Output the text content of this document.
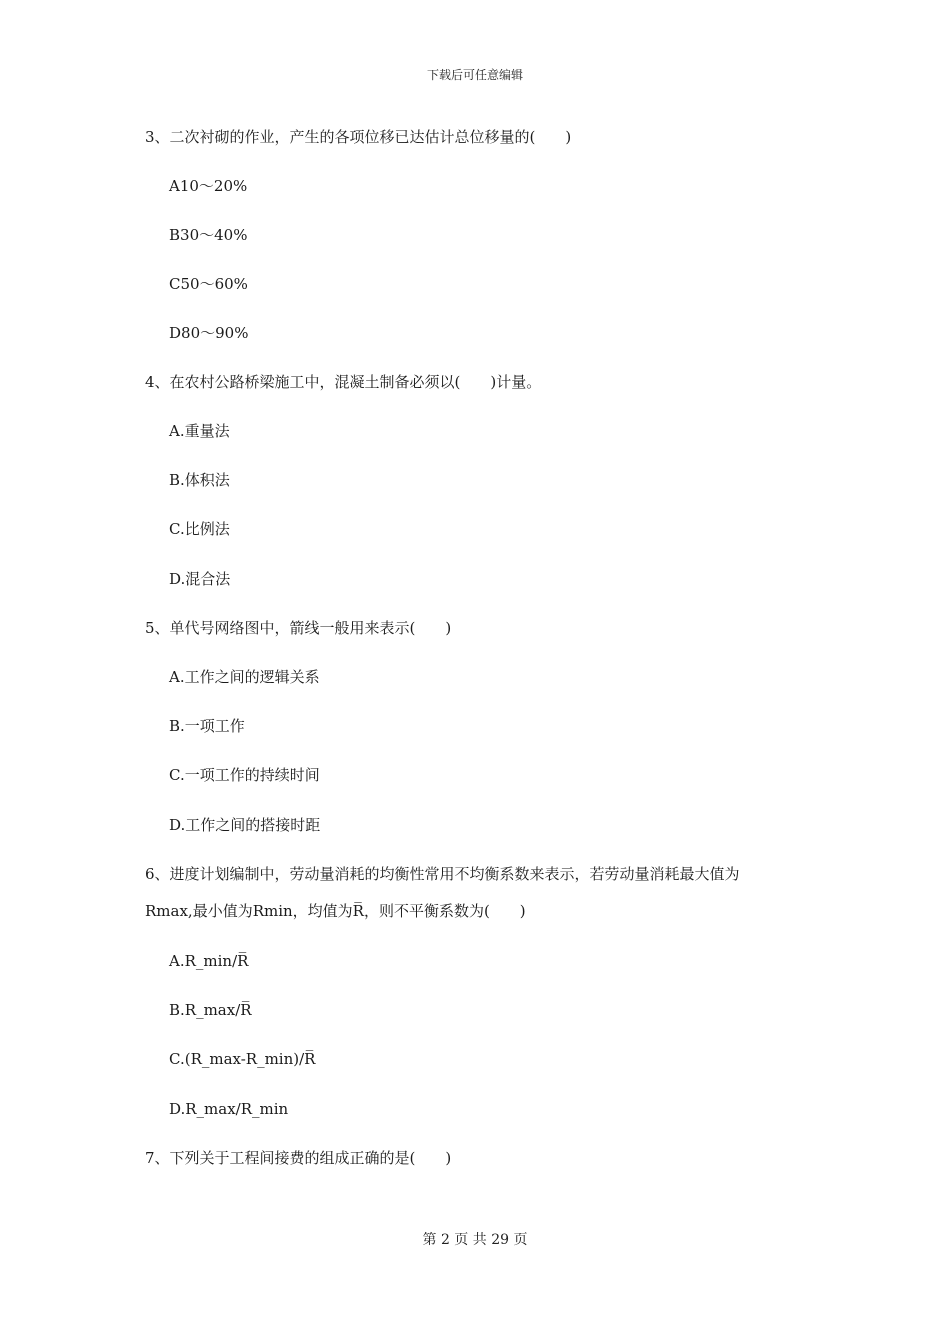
下载后可任意编辑
3、二次衬砌的作业，产生的各项位移已达估计总位移量的(　　)
A10～20%
B30～40%
C50～60%
D80～90%
4、在农村公路桥梁施工中，混凝土制备必须以(　　)计量。
A.重量法
B.体积法
C.比例法
D.混合法
5、单代号网络图中，箭线一般用来表示(　　)
A.工作之间的逻辑关系
B.一项工作
C.一项工作的持续时间
D.工作之间的搭接时距
6、进度计划编制中，劳动量消耗的均衡性常用不均衡系数来表示，若劳动量消耗最大值为
Rmax,最小值为Rmin，均值为R̅，则不平衡系数为(　　)
A.R_min/R̅
B.R_max/R̅
C.(R_max-R_min)/R̅
D.R_max/R_min
7、下列关于工程间接费的组成正确的是(　　)
第 2 页 共 29 页
